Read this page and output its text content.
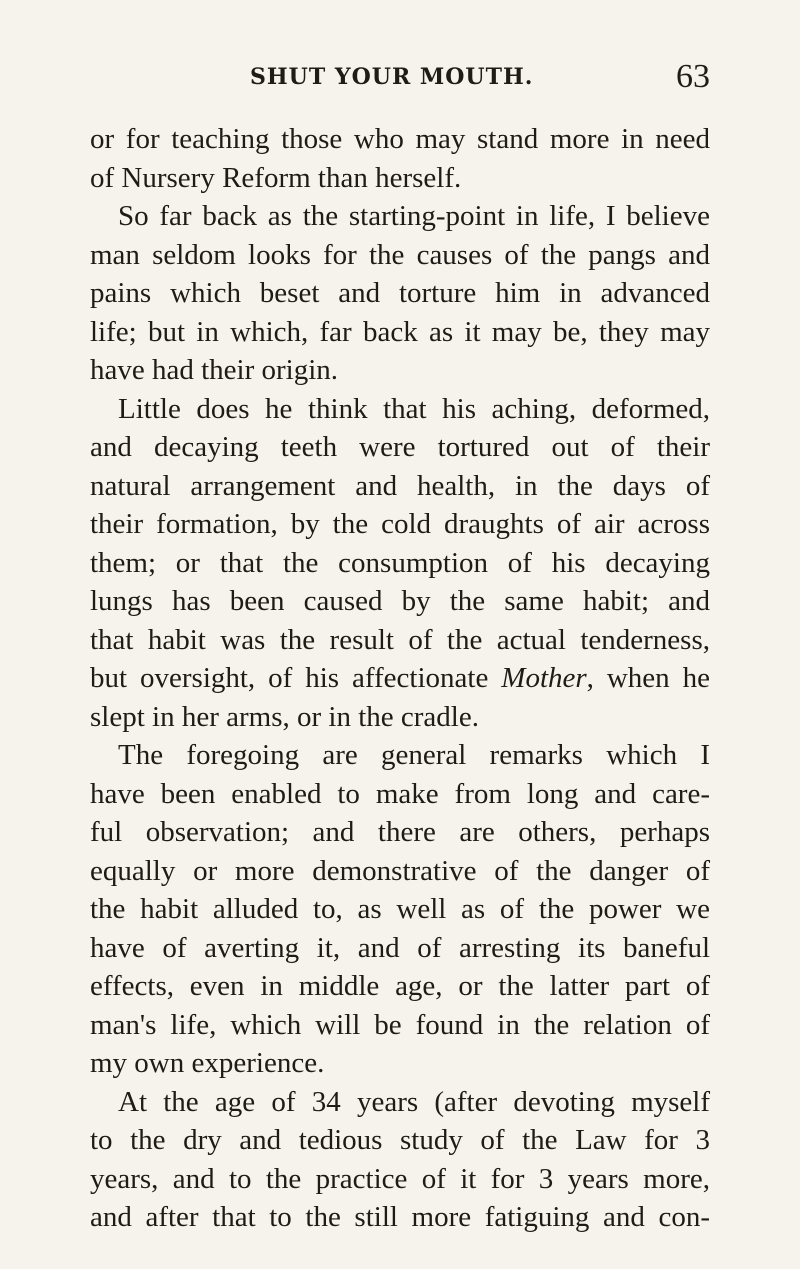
SHUT YOUR MOUTH.	63
or for teaching those who may stand more in need
of Nursery Reform than herself.
So far back as the starting-point in life, I believe
man seldom looks for the causes of the pangs and
pains which beset and torture him in advanced
life; but in which, far back as it may be, they may
have had their origin.
Little does he think that his aching, deformed,
and decaying teeth were tortured out of their
natural arrangement and health, in the days of
their formation, by the cold draughts of air across
them; or that the consumption of his decaying
lungs has been caused by the same habit; and
that habit was the result of the actual tenderness,
but oversight, of his affectionate Mother, when he
slept in her arms, or in the cradle.
The foregoing are general remarks which I
have been enabled to make from long and care-
ful observation; and there are others, perhaps
equally or more demonstrative of the danger of
the habit alluded to, as well as of the power we
have of averting it, and of arresting its baneful
effects, even in middle age, or the latter part of
man's life, which will be found in the relation of
my own experience.
At the age of 34 years (after devoting myself
to the dry and tedious study of the Law for 3
years, and to the practice of it for 3 years more,
and after that to the still more fatiguing and con-
